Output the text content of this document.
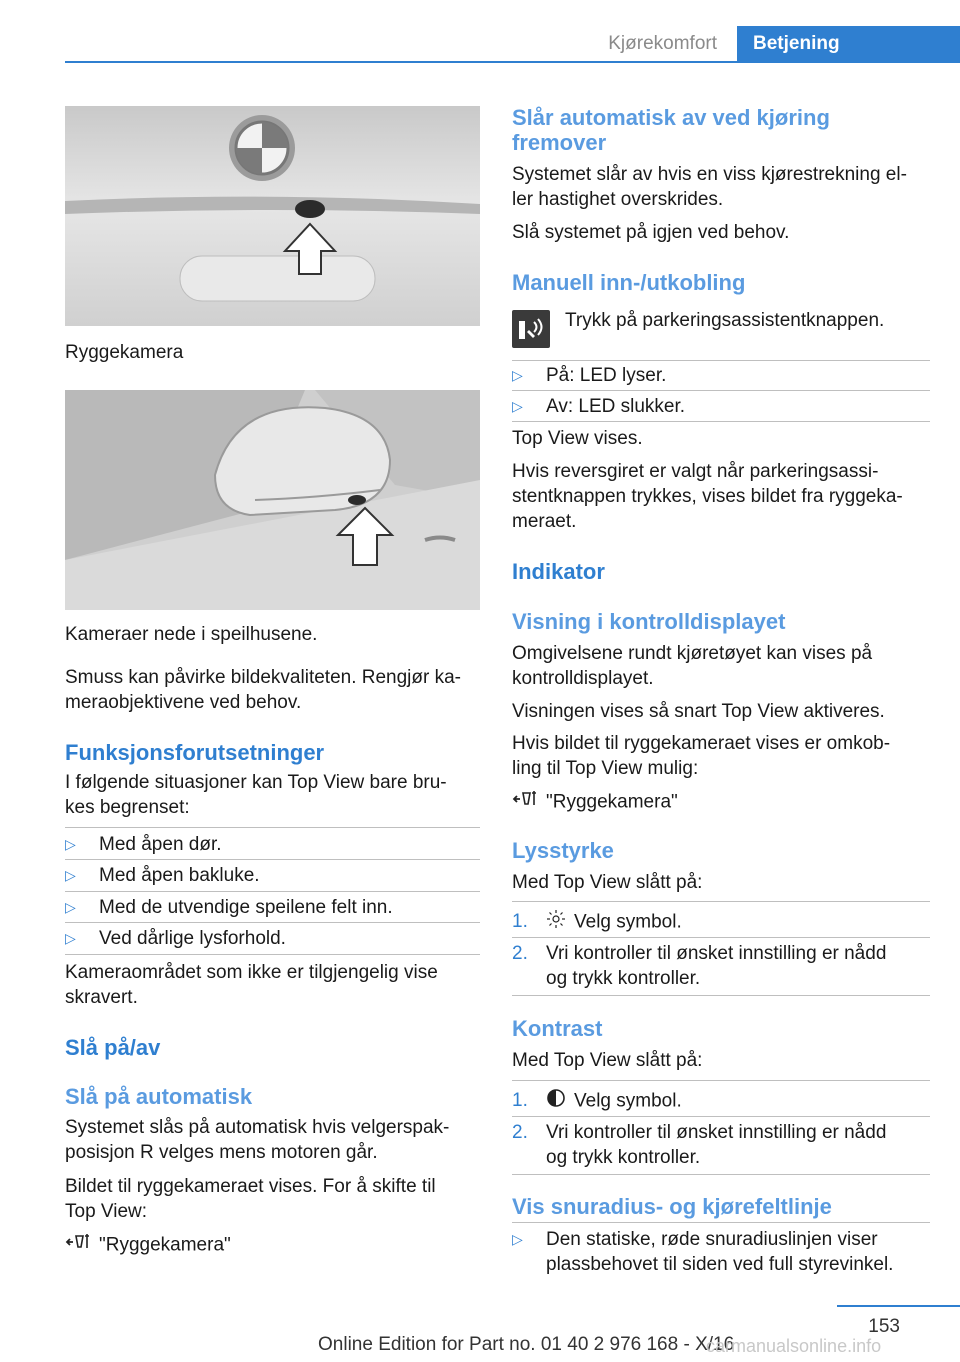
Kjørekomfort	Betjening
Ryggekamera
Kameraer nede i speilhusene.
Smuss kan påvirke bildekvaliteten. Rengjør ka-
meraobjektivene ved behov.
Funksjonsforutsetninger
I følgende situasjoner kan Top View bare bru-
kes begrenset:
▷	Med åpen dør.
▷	Med åpen bakluke.
▷	Med de utvendige speilene felt inn.
▷	Ved dårlige lysforhold.
Kameraområdet som ikke er tilgjengelig vise
skravert.
Slå på/av
Slå på automatisk
Systemet slås på automatisk hvis velgerspak-
posisjon R velges mens motoren går.
Bildet til ryggekameraet vises. For å skifte til
Top View:
"Ryggekamera"
Slår automatisk av ved kjøring
fremover
Systemet slår av hvis en viss kjørestrekning el-
ler hastighet overskrides.
Slå systemet på igjen ved behov.
Manuell inn-/utkobling
Trykk på parkeringsassistentknappen.
▷	På: LED lyser.
▷	Av: LED slukker.
Top View vises.
Hvis reversgiret er valgt når parkeringsassi-
stentknappen trykkes, vises bildet fra ryggeka-
meraet.
Indikator
Visning i kontrolldisplayet
Omgivelsene rundt kjøretøyet kan vises på
kontrolldisplayet.
Visningen vises så snart Top View aktiveres.
Hvis bildet til ryggekameraet vises er omkob-
ling til Top View mulig:
"Ryggekamera"
Lysstyrke
Med Top View slått på:
1.	Velg symbol.
2. Vri kontroller til ønsket innstilling er nådd
og trykk kontroller.
Kontrast
Med Top View slått på:
1.	Velg symbol.
2. Vri kontroller til ønsket innstilling er nådd
og trykk kontroller.
Vis snuradius- og kjørefeltlinje
▷	Den statiske, røde snuradiuslinjen viser
plassbehovet til siden ved full styrevinkel.
153
Online Edition for Part no. 01 40 2 976 168 - X/16
carmanualsonline.info
